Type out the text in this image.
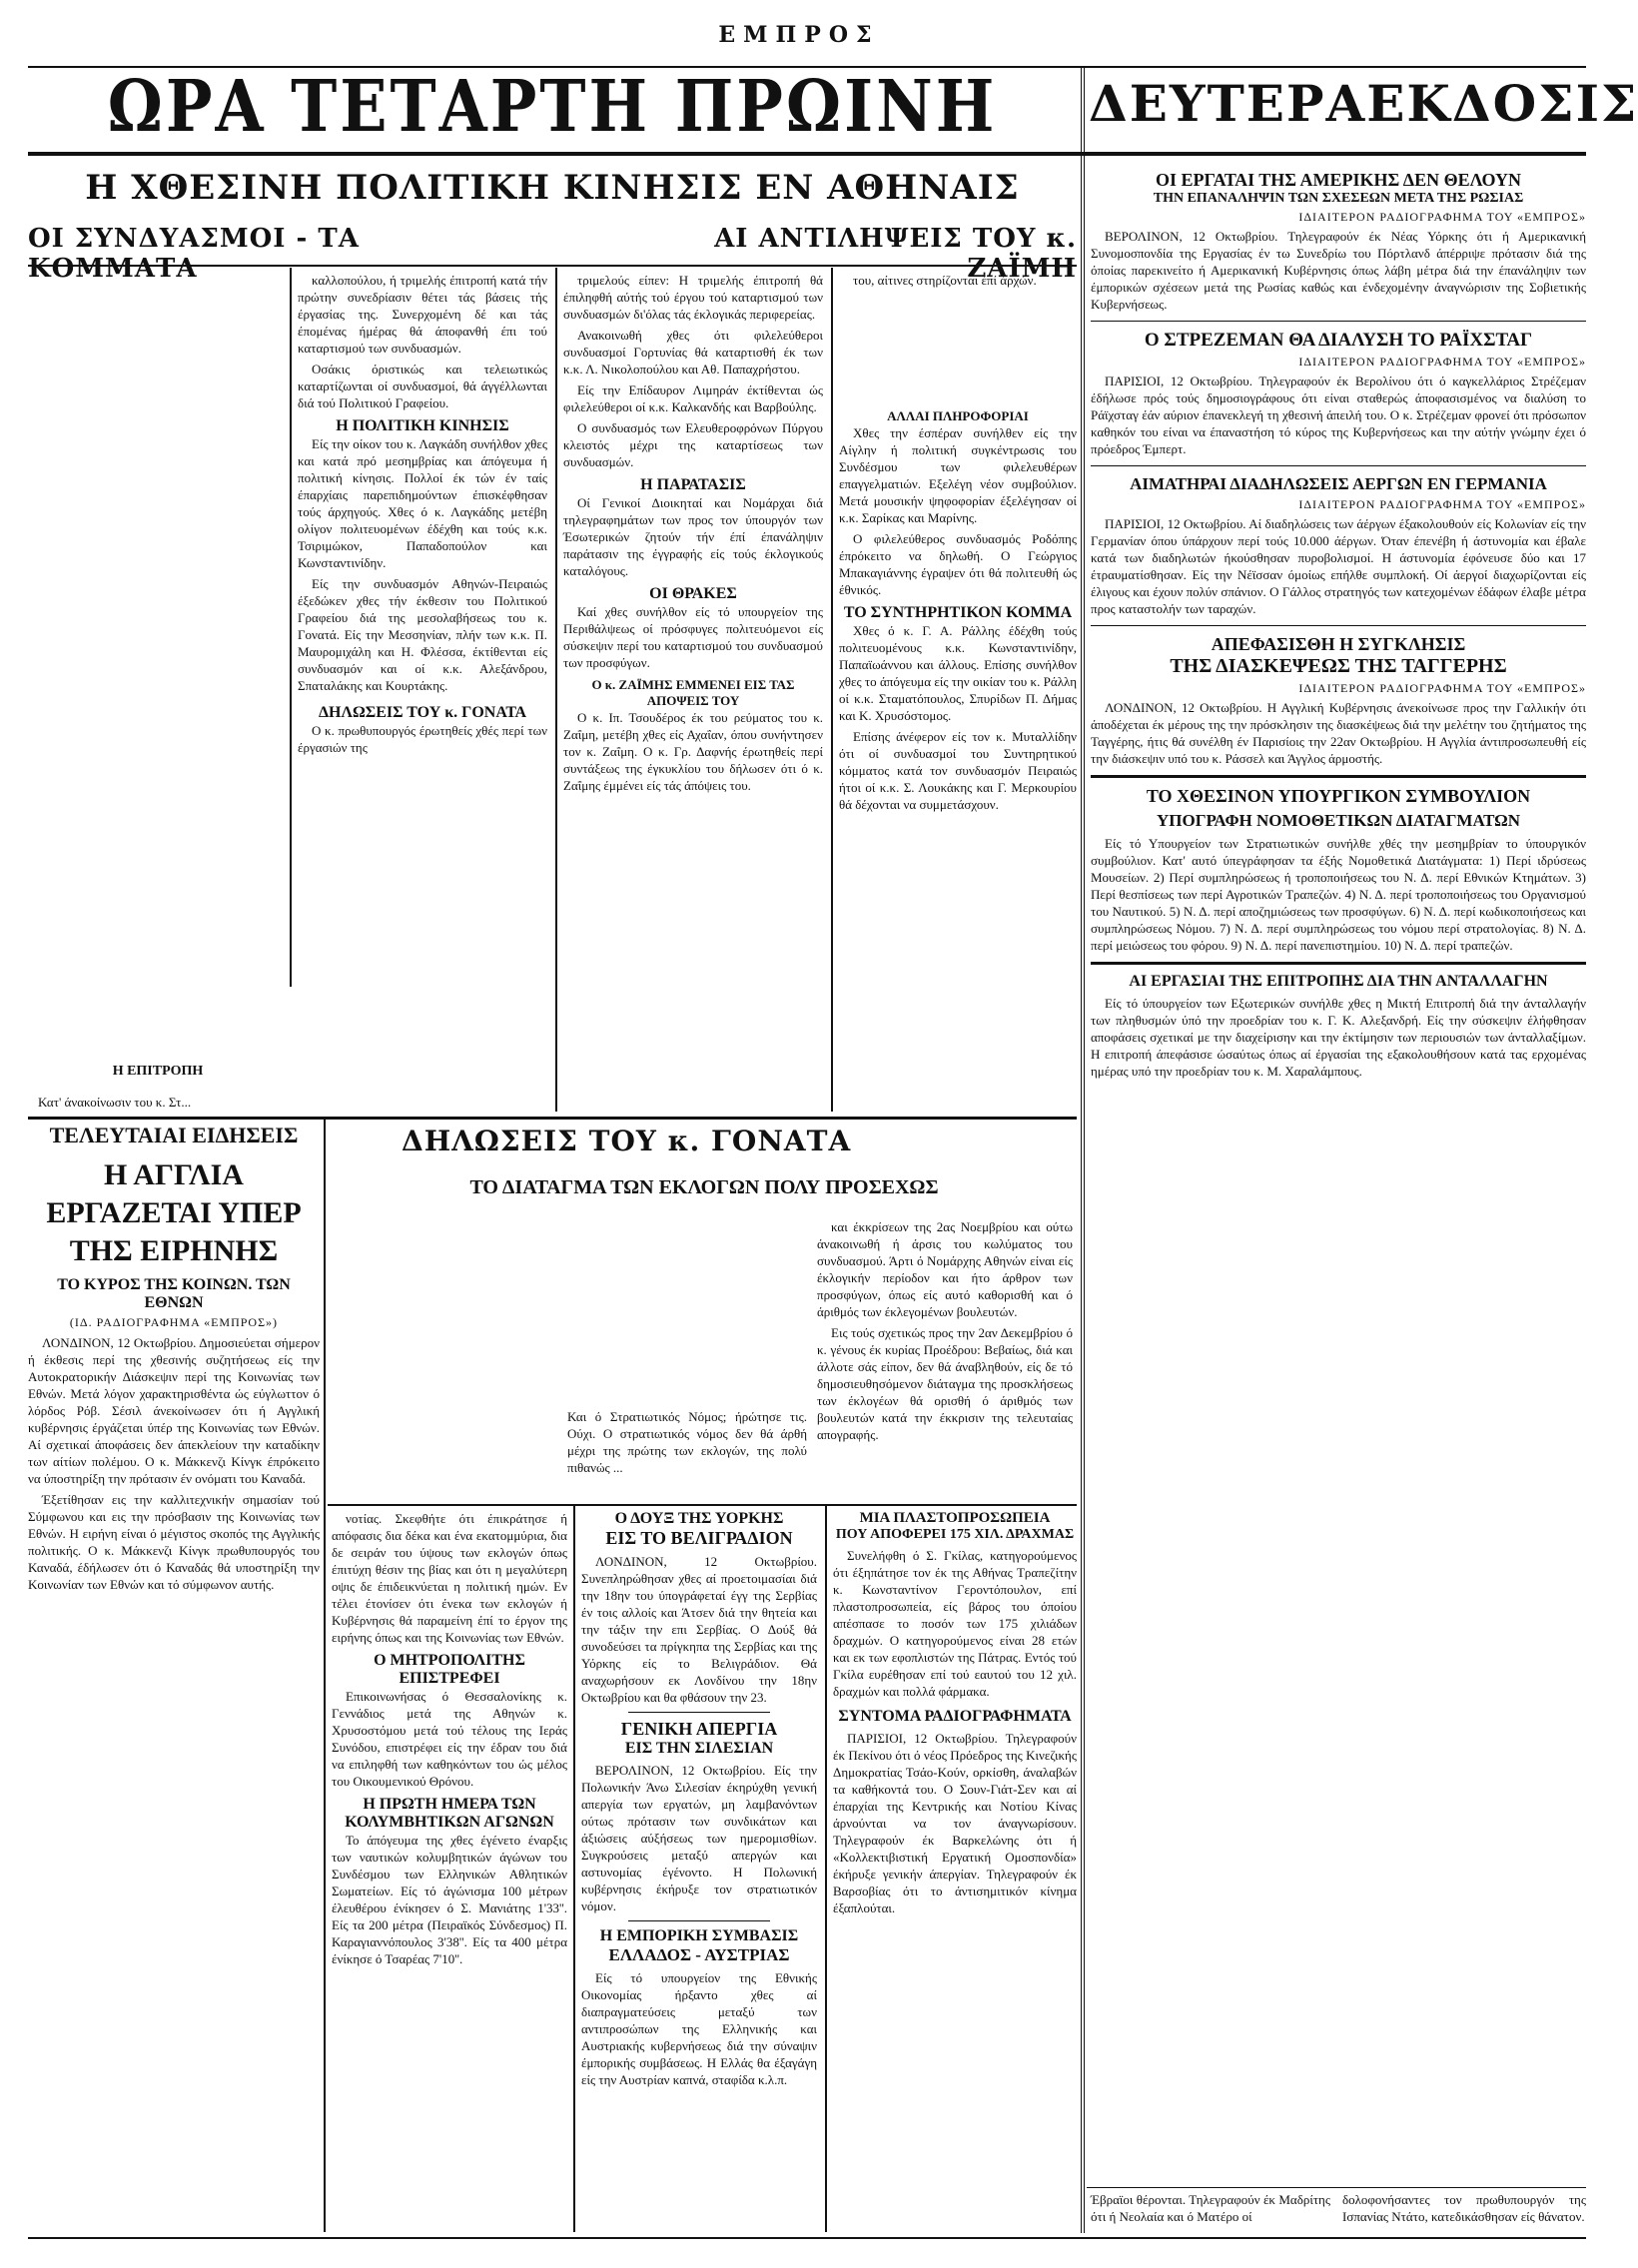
ΕΜΠΡΟΣ
ΩΡΑ ΤΕΤΑΡΤΗ ΠΡΩΙΝΗ	ΔΕΥΤΕΡΑΕΚΔΟΣΙΣ
Η ΧΘΕΣΙΝΗ ΠΟΛΙΤΙΚΗ ΚΙΝΗΣΙΣ ΕΝ ΑΘΗΝΑΙΣ
ΟΙ ΣΥΝΔΥΑΣΜΟΙ - ΤΑ ΚΟΜΜΑΤΑ
ΑΙ ΑΝΤΙΛΗΨΕΙΣ ΤΟΥ κ. ΖΑΪΜΗ
Η ΕΠΙΤΡΟΠΗ
Κατ' άνακοίνωσιν του κ. Στ...

καλλοπούλου, ή τριμελής έπιτροπή κατά τήν πρώτην συνεδρίασιν θέτει τάς βάσεις τής έργασίας της. Συνερχομένη δέ και τάς έπομένας ήμέρας θά άποφανθή έπι τού καταρτισμού των συνδυασμών.

Οσάκις όριστικώς και τελειωτικώς καταρτίζωνται οί συνδυασμοί, θά άγγέλλωνται διά τού Πολιτικού Γραφείου.

Η ΠΟΛΙΤΙΚΗ ΚΙΝΗΣΙΣ

Είς την οίκον του κ. Λαγκάδη συνήλθον χθες και κατά πρό μεσημβρίας και άπόγευμα ή πολιτική κίνησις. Πολλοί έκ τών έν ταίς έπαρχίαις παρεπιδημούντων έπισκέφθησαν τούς άρχηγούς. Χθες ό κ. Λαγκάδης μετέβη ολίγον πολιτευομένων έδέχθη και τούς κ.κ. Τσιριμώκον, Παπαδοπούλον και Κωνσταντινίδην.

Είς την συνδυασμόν Αθηνών-Πειραιώς έξεδώκεν χθες τήν έκθεσιν του Πολιτικού Γραφείου διά της μεσολαβήσεως του κ. Γονατά. Είς την Μεσσηνίαν, πλήν των κ.κ. Π. Μαυρομιχάλη και Η. Φλέσσα, έκτίθενται είς συνδυασμόν και οί κ.κ. Αλεξάνδρου, Σπαταλάκης και Κουρτάκης.

ΔΗΛΩΣΕΙΣ ΤΟΥ κ. ΓΟΝΑΤΑ

Ο κ. πρωθυπουργός έρωτηθείς χθές περί των έργασιών της

τριμελούς είπεν: Η τριμελής έπιτροπή θά έπιληφθή αύτής τού έργου τού καταρτισμού των συνδυασμών δι'όλας τάς έκλογικάς περιφερείας.

Ανακοινωθή χθες ότι φιλελεύθεροι συνδυασμοί Γορτυνίας θά καταρτισθή έκ των κ.κ. Λ. Νικολοπούλου και Αθ. Παπαχρήστου.

Είς την Επίδαυρον Λιμηράν έκτίθενται ώς φιλελεύθεροι οί κ.κ. Καλκανδής και Βαρβούλης.

Ο συνδυασμός των Ελευθεροφρόνων Πύργου κλειστός μέχρι της καταρτίσεως των συνδυασμών.

Η ΠΑΡΑΤΑΣΙΣ

Οί Γενικοί Διοικηταί και Νομάρχαι διά τηλεγραφημάτων των προς τον ύπουργόν των Έσωτερικών ζητούν τήν έπί έπανάληψιν παράτασιν της έγγραφής είς τούς έκλογικούς καταλόγους.

ΟΙ ΘΡΑΚΕΣ

Καί χθες συνήλθον είς τό υπουργείον της Περιθάλψεως οί πρόσφυγες πολιτευόμενοι είς σύσκεψιν περί του καταρτισμού του συνδυασμού των προσφύγων.

Ο κ. ΖΑΪΜΗΣ ΕΜΜΕΝΕΙ ΕΙΣ ΤΑΣ ΑΠΟΨΕΙΣ ΤΟΥ

Ο κ. Ιπ. Τσουδέρος έκ του ρεύματος του κ. Ζαΐμη, μετέβη χθες είς Αχαΐαν, όπου συνήντησεν τον κ. Ζαΐμη. Ο κ. Γρ. Δαφνής έρωτηθείς περί συντάξεως της έγκυκλίου του δήλωσεν ότι ό κ. Ζαΐμης έμμένει είς τάς άπόψεις του.

του, αίτινες στηρίζονται έπί άρχών.

ΑΛΛΑΙ ΠΛΗΡΟΦΟΡΙΑΙ

Χθες την έσπέραν συνήλθεν είς την Αίγλην ή πολιτική συγκέντρωσις του Συνδέσμου των φιλελευθέρων επαγγελματιών. Εξελέγη νέον συμβούλιον. Μετά μουσικήν ψηφοφορίαν έξελέγησαν οί κ.κ. Σαρίκας και Μαρίνης.

Ο φιλελεύθερος συνδυασμός Ροδόπης έπρόκειτο να δηλωθή. Ο Γεώργιος Μπακαγιάννης έγραψεν ότι θά πολιτευθή ώς έθνικός.

ΤΟ ΣΥΝΤΗΡΗΤΙΚΟΝ ΚΟΜΜΑ

Χθες ό κ. Γ. Α. Ράλλης έδέχθη τούς πολιτευομένους κ.κ. Κωνσταντινίδην, Παπαϊωάννου και άλλους. Επίσης συνήλθον χθες το άπόγευμα είς την οικίαν του κ. Ράλλη οί κ.κ. Σταματόπουλος, Σπυρίδων Π. Δήμας και Κ. Χρυσόστομος.

Επίσης άνέφερον είς τον κ. Μυταλλίδην ότι οί συνδυασμοί του Συντηρητικού κόμματος κατά τον συνδυασμόν Πειραιώς ήτοι οί κ.κ. Σ. Λουκάκης και Γ. Μερκουρίου θά δέχονται να συμμετάσχουν.

ΤΕΛΕΥΤΑΙΑΙ ΕΙΔΗΣΕΙΣ
Η ΑΓΓΛΙΑ ΕΡΓΑΖΕΤΑΙ ΥΠΕΡ ΤΗΣ ΕΙΡΗΝΗΣ
ΤΟ ΚΥΡΟΣ ΤΗΣ ΚΟΙΝΩΝ. ΤΩΝ ΕΘΝΩΝ
(ΙΔ. ΡΑΔΙΟΓΡΑΦΗΜΑ «ΕΜΠΡΟΣ»)

ΛΟΝΔΙΝΟΝ, 12 Οκτωβρίου. Δημοσιεύεται σήμερον ή έκθεσις περί της χθεσινής συζητήσεως είς την Αυτοκρατορικήν Διάσκεψιν περί της Κοινωνίας των Εθνών. Μετά λόγον χαρακτηρισθέντα ώς εύγλωττον ό λόρδος Ρόβ. Σέσιλ άνεκοίνωσεν ότι ή Αγγλική κυβέρνησις έργάζεται ύπέρ της Κοινωνίας των Εθνών. Αί σχετικαί άποφάσεις δεν άπεκλείουν την καταδίκην των αίτίων πολέμου. Ο κ. Μάκκενζι Κίνγκ έπρόκειτο να ύποστηρίξη την πρότασιν έν ονόματι του Καναδά.

Έξετίθησαν εις την καλλιτεχνικήν σημασίαν τού Σύμφωνου και εις την πρόσβασιν της Κοινωνίας των Εθνών. Η ειρήνη είναι ό μέγιστος σκοπός της Αγγλικής πολιτικής. Ο κ. Μάκκενζι Κίνγκ πρωθυπουργός του Καναδά, έδήλωσεν ότι ό Καναδάς θά υποστηρίξη την Κοινωνίαν των Εθνών και τό σύμφωνον αυτής.

ΔΗΛΩΣΕΙΣ ΤΟΥ κ. ΓΟΝΑΤΑ
ΤΟ ΔΙΑΤΑΓΜΑ ΤΩΝ ΕΚΛΟΓΩΝ ΠΟΛΥ ΠΡΟΣΕΧΩΣ

και έκκρίσεων της 2ας Νοεμβρίου και ούτω άνακοινωθή ή άρσις του κωλύματος του συνδυασμού. Άρτι ό Νομάρχης Αθηνών είναι είς έκλογικήν περίοδον και ήτο άρθρον των προσφύγων, όπως είς αυτό καθορισθή και ό άριθμός των έκλεγομένων βουλευτών.

Εις τούς σχετικώς προς την 2αν Δεκεμβρίου ό κ. γένους έκ κυρίας Προέδρου: Βεβαίως, διά και άλλοτε σάς είπον, δεν θά άναβληθούν, είς δε τό δημοσιευθησόμενον διάταγμα της προσκλήσεως των έκλογέων θά ορισθή ό άριθμός των βουλευτών κατά την έκκρισιν της τελευταίας απογραφής.

Και ό Στρατιωτικός Νόμος; ήρώτησε τις. Ούχι. Ο στρατιωτικός νόμος δεν θά άρθή μέχρι της πρώτης των εκλογών, της πολύ πιθανώς ...

νοτίας. Σκεφθήτε ότι έπικράτησε ή απόφασις δια δέκα και ένα εκατομμύρια, δια δε σειράν του ύψους των εκλογών όπως έπιτύχη θέσιν της βίας και ότι η μεγαλύτερη οψις δε έπιδεικνύεται η πολιτική ημών. Εν τέλει έτονίσεν ότι ένεκα των εκλογών ή Κυβέρνησις θά παραμείνη έπί το έργον της ειρήνης όπως και της Κοινωνίας των Εθνών.

Ο ΜΗΤΡΟΠΟΛΙΤΗΣ ΕΠΙΣΤΡΕΦΕΙ

Επικοινωνήσας ό Θεσσαλονίκης κ. Γεννάδιος μετά της Αθηνών κ. Χρυσοστόμου μετά τού τέλους της Ιεράς Συνόδου, επιστρέφει είς την έδραν του διά να επιληφθή των καθηκόντων του ώς μέλος του Οικουμενικού Θρόνου.

Η ΠΡΩΤΗ ΗΜΕΡΑ ΤΩΝ ΚΟΛΥΜΒΗΤΙΚΩΝ ΑΓΩΝΩΝ

Το άπόγευμα της χθες έγένετο έναρξις των ναυτικών κολυμβητικών άγώνων του Συνδέσμου των Ελληνικών Αθλητικών Σωματείων. Είς τό άγώνισμα 100 μέτρων έλευθέρου ένίκησεν ό Σ. Μανιάτης 1'33''. Είς τα 200 μέτρα (Πειραϊκός Σύνδεσμος) Π. Καραγιαννόπουλος 3'38''. Είς τα 400 μέτρα ένίκησε ό Τσαρέας 7'10''.

Ο ΔΟΥΞ ΤΗΣ ΥΟΡΚΗΣ
ΕΙΣ ΤΟ ΒΕΛΙΓΡΑΔΙΟΝ

ΛΟΝΔΙΝΟΝ, 12 Οκτωβρίου. Συνεπληρώθησαν χθες αί προετοιμασίαι διά την 18ην του ύπογράφεταί έγγ της Σερβίας έν τοις αλλοίς και Άτσεν διά την θητεία και την τάξιν την επι Σερβίας. Ο Δούξ θά συνοδεύσει τα πρίγκηπα της Σερβίας και της Υόρκης είς το Βελιγράδιον. Θά αναχωρήσουν εκ Λονδίνου την 18ην Οκτωβρίου και θα φθάσουν την 23.

ΓΕΝΙΚΗ ΑΠΕΡΓΙΑ
ΕΙΣ ΤΗΝ ΣΙΛΕΣΙΑΝ

ΒΕΡΟΛΙΝΟΝ, 12 Οκτωβρίου. Είς την Πολωνικήν Άνω Σιλεσίαν έκηρύχθη γενική απεργία των εργατών, μη λαμβανόντων ούτως πρότασιν των συνδικάτων και άξιώσεις αύξήσεως των ημερομισθίων. Συγκρούσεις μεταξύ απεργών και αστυνομίας έγένοντο. Η Πολωνική κυβέρνησις έκήρυξε τον στρατιωτικόν νόμον.

Η ΕΜΠΟΡΙΚΗ ΣΥΜΒΑΣΙΣ
ΕΛΛΑΔΟΣ - ΑΥΣΤΡΙΑΣ

Είς τό υπουργείον της Εθνικής Οικονομίας ήρξαντο χθες αί διαπραγματεύσεις μεταξύ των αντιπροσώπων της Ελληνικής και Αυστριακής κυβερνήσεως διά την σύναψιν έμπορικής συμβάσεως. Η Ελλάς θα έξαγάγη είς την Αυστρίαν καπνά, σταφίδα κ.λ.π.

ΜΙΑ ΠΛΑΣΤΟΠΡΟΣΩΠΕΙΑ
ΠΟΥ ΑΠΟΦΕΡΕΙ 175 ΧΙΛ. ΔΡΑΧΜΑΣ

Συνελήφθη ό Σ. Γκίλας, κατηγορούμενος ότι έξηπάτησε τον έκ της Αθήνας Τραπεζίτην κ. Κωνσταντίνον Γεροντόπουλον, επί πλαστοπροσωπεία, είς βάρος του όποίου απέσπασε το ποσόν των 175 χιλιάδων δραχμών. Ο κατηγορούμενος είναι 28 ετών και εκ των εφοπλιστών της Πάτρας. Εντός τού Γκίλα ευρέθησαν επί τού εαυτού του 12 χιλ. δραχμών και πολλά φάρμακα.

ΣΥΝΤΟΜΑ ΡΑΔΙΟΓΡΑΦΗΜΑΤΑ

ΠΑΡΙΣΙΟΙ, 12 Οκτωβρίου. Τηλεγραφούν έκ Πεκίνου ότι ό νέος Πρόεδρος της Κινεζικής Δημοκρατίας Τσάο-Κούν, ορκίσθη, άναλαβών τα καθήκοντά του. Ο Σουν-Γιάτ-Σεν και αί έπαρχίαι της Κεντρικής και Νοτίου Κίνας άρνούνται να τον άναγνωρίσουν. Τηλεγραφούν έκ Βαρκελώνης ότι ή «Κολλεκτιβιστική Εργατική Ομοσπονδία» έκήρυξε γενικήν άπεργίαν. Τηλεγραφούν έκ Βαρσοβίας ότι το άντισημιτικόν κίνημα έξαπλούται.

ΟΙ ΕΡΓΑΤΑΙ ΤΗΣ ΑΜΕΡΙΚΗΣ ΔΕΝ ΘΕΛΟΥΝ
ΤΗΝ ΕΠΑΝΑΛΗΨΙΝ ΤΩΝ ΣΧΕΣΕΩΝ ΜΕΤΑ ΤΗΣ ΡΩΣΙΑΣ
ΙΔΙΑΙΤΕΡΟΝ ΡΑΔΙΟΓΡΑΦΗΜΑ ΤΟΥ «ΕΜΠΡΟΣ»

ΒΕΡΟΛΙΝΟΝ, 12 Οκτωβρίου. Τηλεγραφούν έκ Νέας Υόρκης ότι ή Αμερικανική Συνομοσπονδία της Εργασίας έν τω Συνεδρίω του Πόρτλανδ άπέρριψε πρότασιν διά της όποίας παρεκινείτο ή Αμερικανική Κυβέρνησις όπως λάβη μέτρα διά την έπανάληψιν των έμπορικών σχέσεων μετά της Ρωσίας καθώς και ένδεχομένην άναγνώρισιν της Σοβιετικής Κυβερνήσεως.

Ο ΣΤΡΕΖΕΜΑΝ ΘΑ ΔΙΑΛΥΣΗ ΤΟ ΡΑΪΧΣΤΑΓ
ΙΔΙΑΙΤΕΡΟΝ ΡΑΔΙΟΓΡΑΦΗΜΑ ΤΟΥ «ΕΜΠΡΟΣ»

ΠΑΡΙΣΙΟΙ, 12 Οκτωβρίου. Τηλεγραφούν έκ Βερολίνου ότι ό καγκελλάριος Στρέζεμαν έδήλωσε πρός τούς δημοσιογράφους ότι είναι σταθερώς άποφασισμένος να διαλύση το Ράϊχσταγ έάν αύριον έπανεκλεγή τη χθεσινή άπειλή του. Ο κ. Στρέζεμαν φρονεί ότι πρόσωπον καθηκόν του είναι να έπαναστήση τό κύρος της Κυβερνήσεως και την αύτήν γνώμην έχει ό πρόεδρος Έμπερτ.

ΑΙΜΑΤΗΡΑΙ ΔΙΑΔΗΛΩΣΕΙΣ ΑΕΡΓΩΝ ΕΝ ΓΕΡΜΑΝΙΑ
ΙΔΙΑΙΤΕΡΟΝ ΡΑΔΙΟΓΡΑΦΗΜΑ ΤΟΥ «ΕΜΠΡΟΣ»

ΠΑΡΙΣΙΟΙ, 12 Οκτωβρίου. Αί διαδηλώσεις των άέργων έξακολουθούν είς Κολωνίαν είς την Γερμανίαν όπου ύπάρχουν περί τούς 10.000 άέργων. Όταν έπενέβη ή άστυνομία και έβαλε κατά των διαδηλωτών ήκούσθησαν πυροβολισμοί. Η άστυνομία έφόνευσε δύο και 17 έτραυματίσθησαν. Είς την Νέϊσσαν όμοίως επήλθε συμπλοκή. Οί άεργοί διαχωρίζονται είς έλιγους και έχουν πολύν σπάνιον. Ο Γάλλος στρατηγός των κατεχομένων έδάφων έλαβε μέτρα προς καταστολήν των ταραχών.

ΑΠΕΦΑΣΙΣΘΗ Η ΣΥΓΚΛΗΣΙΣ
ΤΗΣ ΔΙΑΣΚΕΨΕΩΣ ΤΗΣ ΤΑΓΓΕΡΗΣ
ΙΔΙΑΙΤΕΡΟΝ ΡΑΔΙΟΓΡΑΦΗΜΑ ΤΟΥ «ΕΜΠΡΟΣ»

ΛΟΝΔΙΝΟΝ, 12 Οκτωβρίου. Η Αγγλική Κυβέρνησις άνεκοίνωσε προς την Γαλλικήν ότι άποδέχεται έκ μέρους της την πρόσκλησιν της διασκέψεως διά την μελέτην του ζητήματος της Ταγγέρης, ήτις θά συνέλθη έν Παρισίοις την 22αν Οκτωβρίου. Η Αγγλία άντιπροσωπευθή είς την διάσκεψιν υπό του κ. Ράσσελ και Άγγλος άρμοστής.

ΤΟ ΧΘΕΣΙΝΟΝ ΥΠΟΥΡΓΙΚΟΝ ΣΥΜΒΟΥΛΙΟΝ
ΥΠΟΓΡΑΦΗ ΝΟΜΟΘΕΤΙΚΩΝ ΔΙΑΤΑΓΜΑΤΩΝ

Είς τό Υπουργείον των Στρατιωτικών συνήλθε χθές την μεσημβρίαν το ύπουργικόν συμβούλιον. Κατ' αυτό ύπεγράφησαν τα έξής Νομοθετικά Διατάγματα: 1) Περί ιδρύσεως Μουσείων. 2) Περί συμπληρώσεως ή τροποποιήσεως του Ν. Δ. περί Εθνικών Κτημάτων. 3) Περί θεσπίσεως των περί Αγροτικών Τραπεζών. 4) Ν. Δ. περί τροποποιήσεως του Οργανισμού του Ναυτικού. 5) Ν. Δ. περί αποζημιώσεως των προσφύγων. 6) Ν. Δ. περί κωδικοποιήσεως και συμπληρώσεως Νόμου. 7) Ν. Δ. περί συμπληρώσεως του νόμου περί στρατολογίας. 8) Ν. Δ. περί μειώσεως του φόρου. 9) Ν. Δ. περί πανεπιστημίου. 10) Ν. Δ. περί τραπεζών.

ΑΙ ΕΡΓΑΣΙΑΙ ΤΗΣ ΕΠΙΤΡΟΠΗΣ ΔΙΑ ΤΗΝ ΑΝΤΑΛΛΑΓΗΝ

Είς τό ύπουργείον των Εξωτερικών συνήλθε χθες η Μικτή Επιτροπή διά την άνταλλαγήν των πληθυσμών ύπό την προεδρίαν του κ. Γ. Κ. Αλεξανδρή. Είς την σύσκεψιν έλήφθησαν αποφάσεις σχετικαί με την διαχείρισην και την έκτίμησιν των περιουσιών των άνταλλαξίμων. Η επιτροπή άπεφάσισε ώσαύτως όπως αί έργασίαι της εξακολουθήσουν κατά τας ερχομένας ημέρας υπό την προεδρίαν του κ. Μ. Χαραλάμπους.

Έβραϊοι θέρονται. Τηλεγραφούν έκ Μαδρίτης ότι ή Νεολαία και ό Ματέρο οί
δολοφονήσαντες τον πρωθυπουργόν της Ισπανίας Ντάτο, κατεδικάσθησαν είς θάνατον.
